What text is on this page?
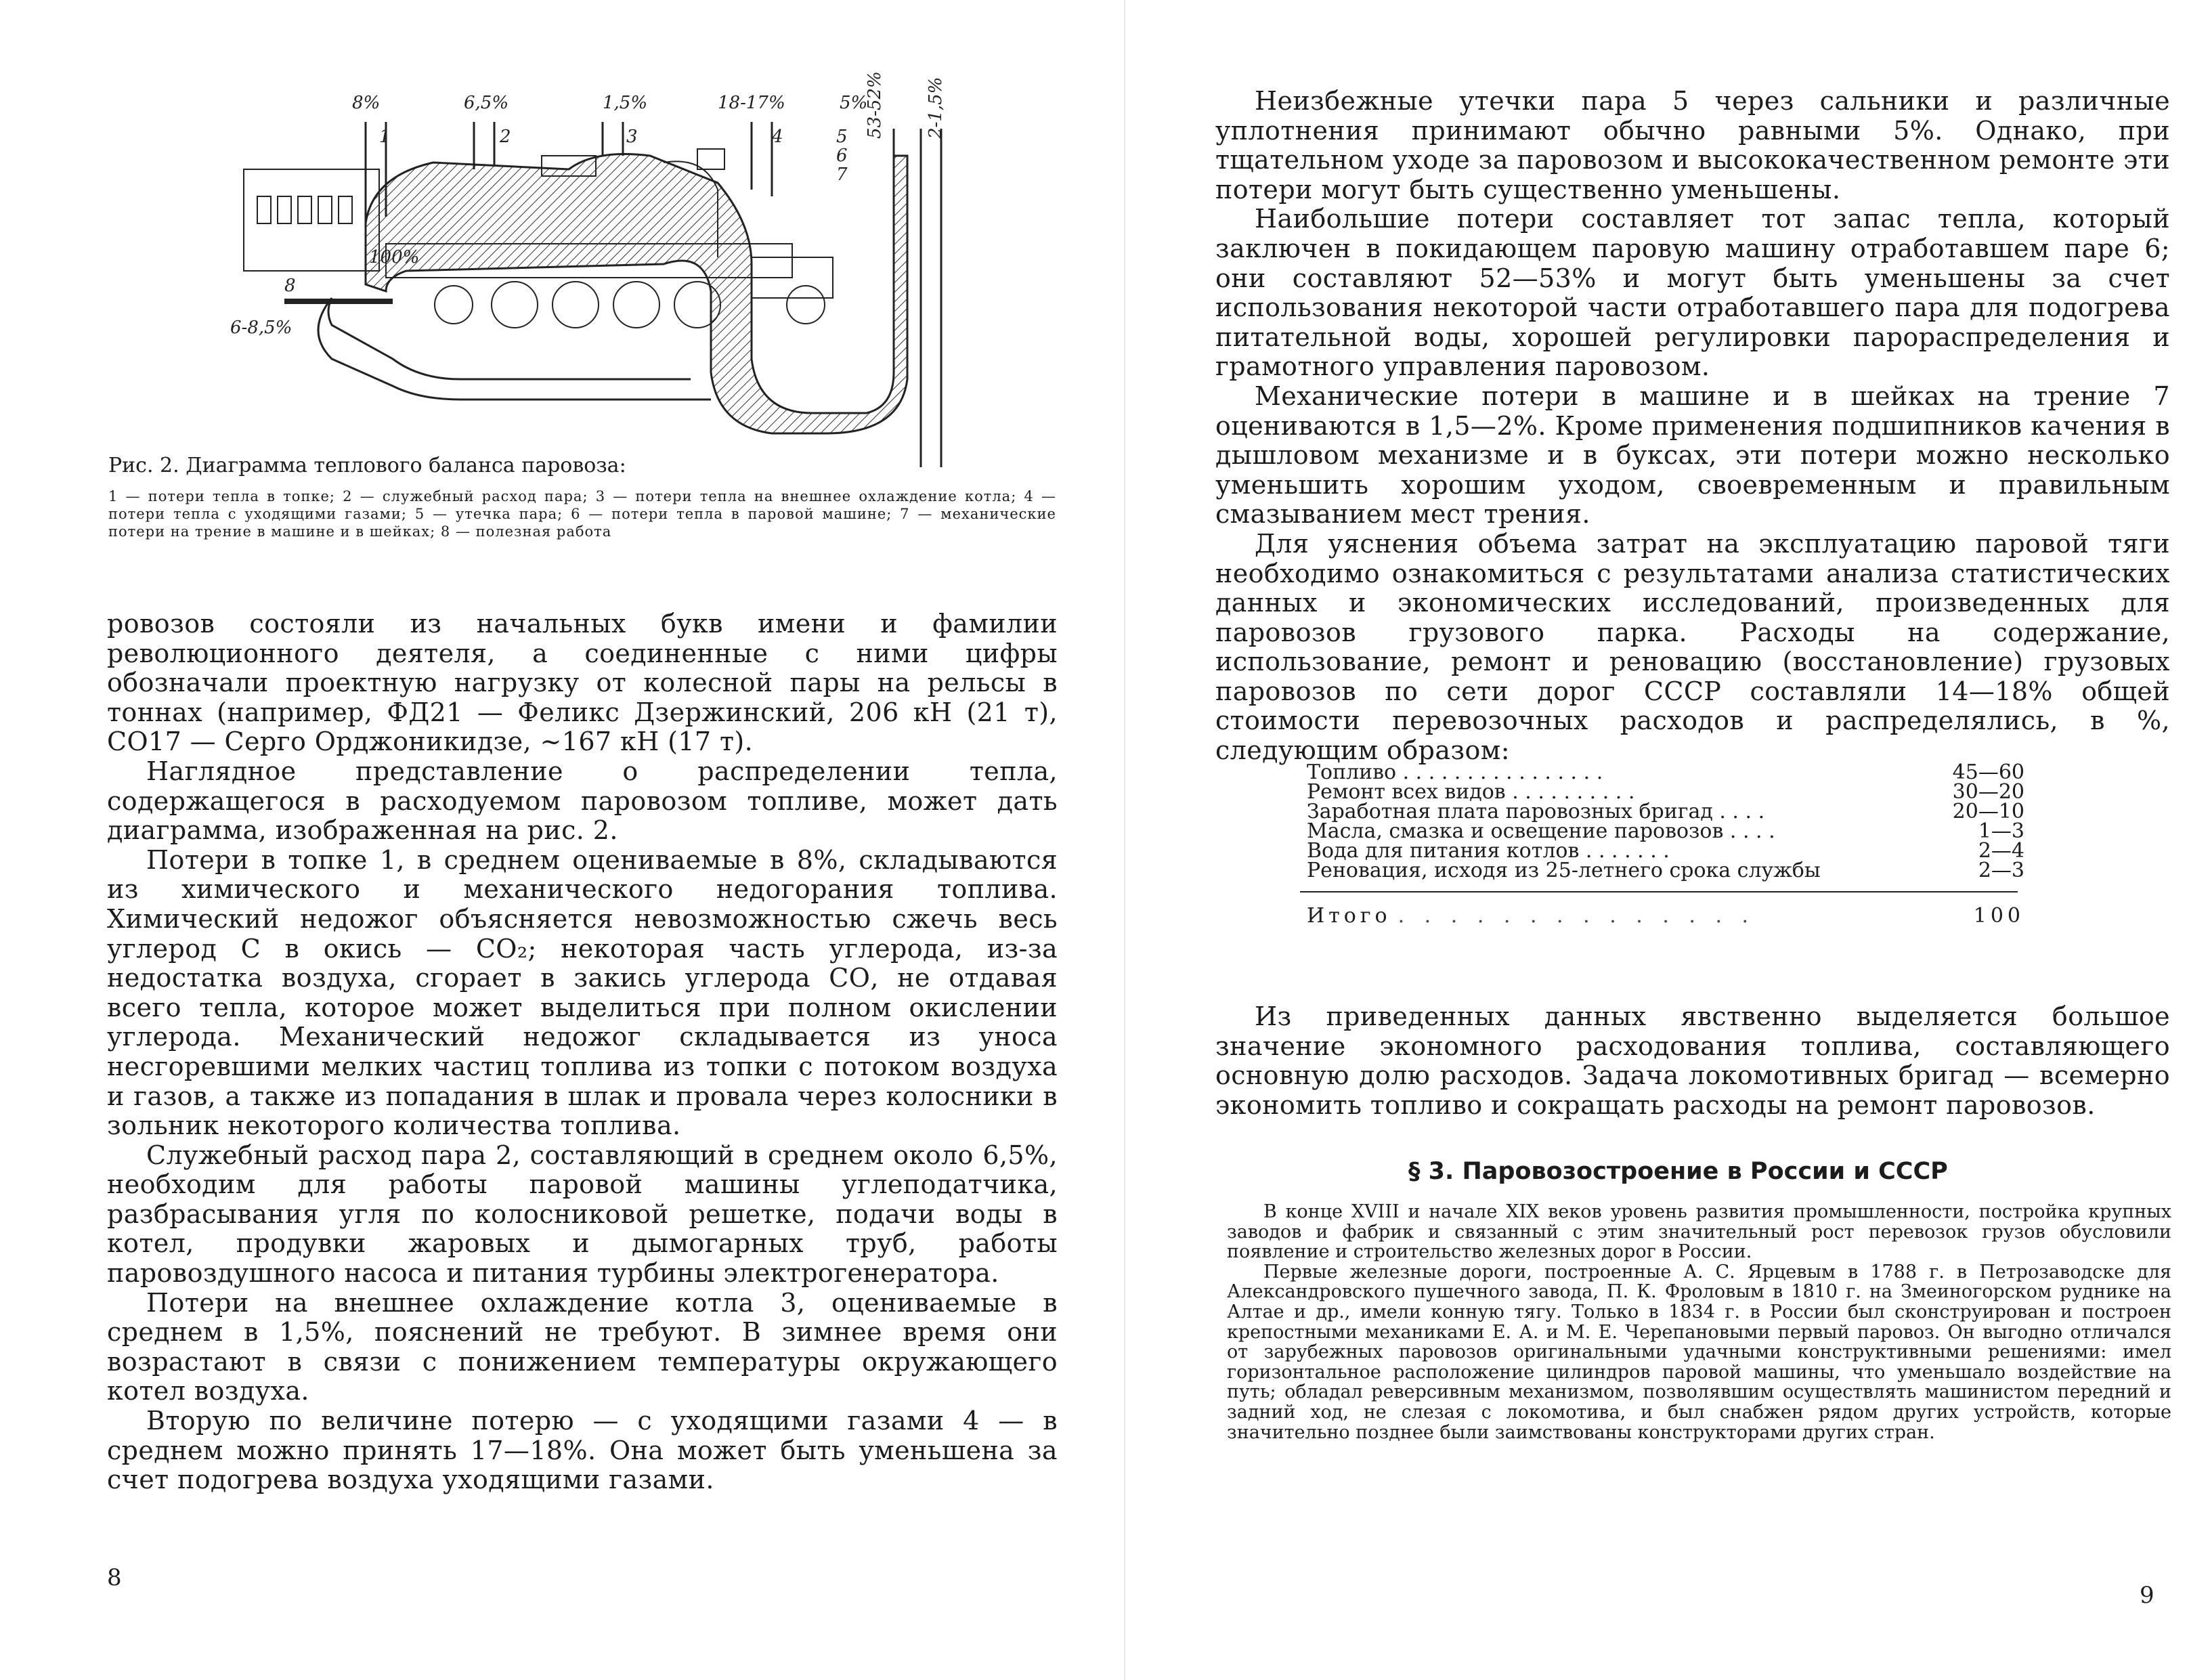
8%	6,5%	1,5%	18-17%	5%
53-52% 2-1,5%
1	2	3	4	5
6
7
8
6-8,5%
Рис. 2. Диаграмма теплового баланса паровоза:
1 — потери тепла в топке; 2 — служебный расход пара; 3 — потери тепла на внешнее охлаждение котла; 4 — потери тепла с уходящими газами; 5 — утечка пара; 6 — потери тепла в паровой машине; 7 — механические потери на трение в машине и в шейках; 8 — полезная работа

ровозов состояли из начальных букв имени и фамилии революционного деятеля, а соединенные с ними цифры обозначали проектную нагрузку от колесной пары на рельсы в тоннах (например, ФД21 — Феликс Дзержинский, 206 кН (21 т), СО17 — Серго Орджоникидзе, ~167 кН (17 т).

Наглядное представление о распределении тепла, содержащегося в расходуемом паровозом топливе, может дать диаграмма, изображенная на рис. 2.

Потери в топке 1, в среднем оцениваемые в 8%, складываются из химического и механического недогорания топлива. Химический недожог объясняется невозможностью сжечь весь углерод С в окись — СО₂; некоторая часть углерода, из-за недостатка воздуха, сгорает в закись углерода СО, не отдавая всего тепла, которое может выделиться при полном окислении углерода. Механический недожог складывается из уноса несгоревшими мелких частиц топлива из топки с потоком воздуха и газов, а также из попадания в шлак и провала через колосники в зольник некоторого количества топлива.

Служебный расход пара 2, составляющий в среднем около 6,5%, необходим для работы паровой машины углеподатчика, разбрасывания угля по колосниковой решетке, подачи воды в котел, продувки жаровых и дымогарных труб, работы паровоздушного насоса и питания турбины электрогенератора.

Потери на внешнее охлаждение котла 3, оцениваемые в среднем в 1,5%, пояснений не требуют. В зимнее время они возрастают в связи с понижением температуры окружающего котел воздуха.

Вторую по величине потерю — с уходящими газами 4 — в среднем можно принять 17—18%. Она может быть уменьшена за счет подогрева воздуха уходящими газами.

8

Неизбежные утечки пара 5 через сальники и различные уплотнения принимают обычно равными 5%. Однако, при тщательном уходе за паровозом и высококачественном ремонте эти потери могут быть существенно уменьшены.

Наибольшие потери составляет тот запас тепла, который заключен в покидающем паровую машину отработавшем паре 6; они составляют 52—53% и могут быть уменьшены за счет использования некоторой части отработавшего пара для подогрева питательной воды, хорошей регулировки парораспределения и грамотного управления паровозом.

Механические потери в машине и в шейках на трение 7 оцениваются в 1,5—2%. Кроме применения подшипников качения в дышловом механизме и в буксах, эти потери можно несколько уменьшить хорошим уходом, своевременным и правильным смазыванием мест трения.

Для уяснения объема затрат на эксплуатацию паровой тяги необходимо ознакомиться с результатами анализа статистических данных и экономических исследований, произведенных для паровозов грузового парка. Расходы на содержание, использование, ремонт и реновацию (восстановление) грузовых паровозов по сети дорог СССР составляли 14—18% общей стоимости перевозочных расходов и распределялись, в %, следующим образом:

Топливо . . . . . . . . . . . . . . . .	45—60
Ремонт всех видов . . . . . . . . . .	30—20
Заработная плата паровозных бригад . . . .	20—10
Масла, смазка и освещение паровозов . . . .	1—3
Вода для питания котлов . . . . . . .	2—4
Реновация, исходя из 25-летнего срока службы	2—3
Итого . . . . . . . . . . . . . .	100

Из приведенных данных явственно выделяется большое значение экономного расходования топлива, составляющего основную долю расходов. Задача локомотивных бригад — всемерно экономить топливо и сокращать расходы на ремонт паровозов.

§ 3. Паровозостроение в России и СССР

В конце XVIII и начале XIX веков уровень развития промышленности, постройка крупных заводов и фабрик и связанный с этим значительный рост перевозок грузов обусловили появление и строительство железных дорог в России.

Первые железные дороги, построенные А. С. Ярцевым в 1788 г. в Петрозаводске для Александровского пушечного завода, П. К. Фроловым в 1810 г. на Змеиногорском руднике на Алтае и др., имели конную тягу. Только в 1834 г. в России был сконструирован и построен крепостными механиками Е. А. и М. Е. Черепановыми первый паровоз. Он выгодно отличался от зарубежных паровозов оригинальными удачными конструктивными решениями: имел горизонтальное расположение цилиндров паровой машины, что уменьшало воздействие на путь; обладал реверсивным механизмом, позволявшим осуществлять машинистом передний и задний ход, не слезая с локомотива, и был снабжен рядом других устройств, которые значительно позднее были заимствованы конструкторами других стран.

9
